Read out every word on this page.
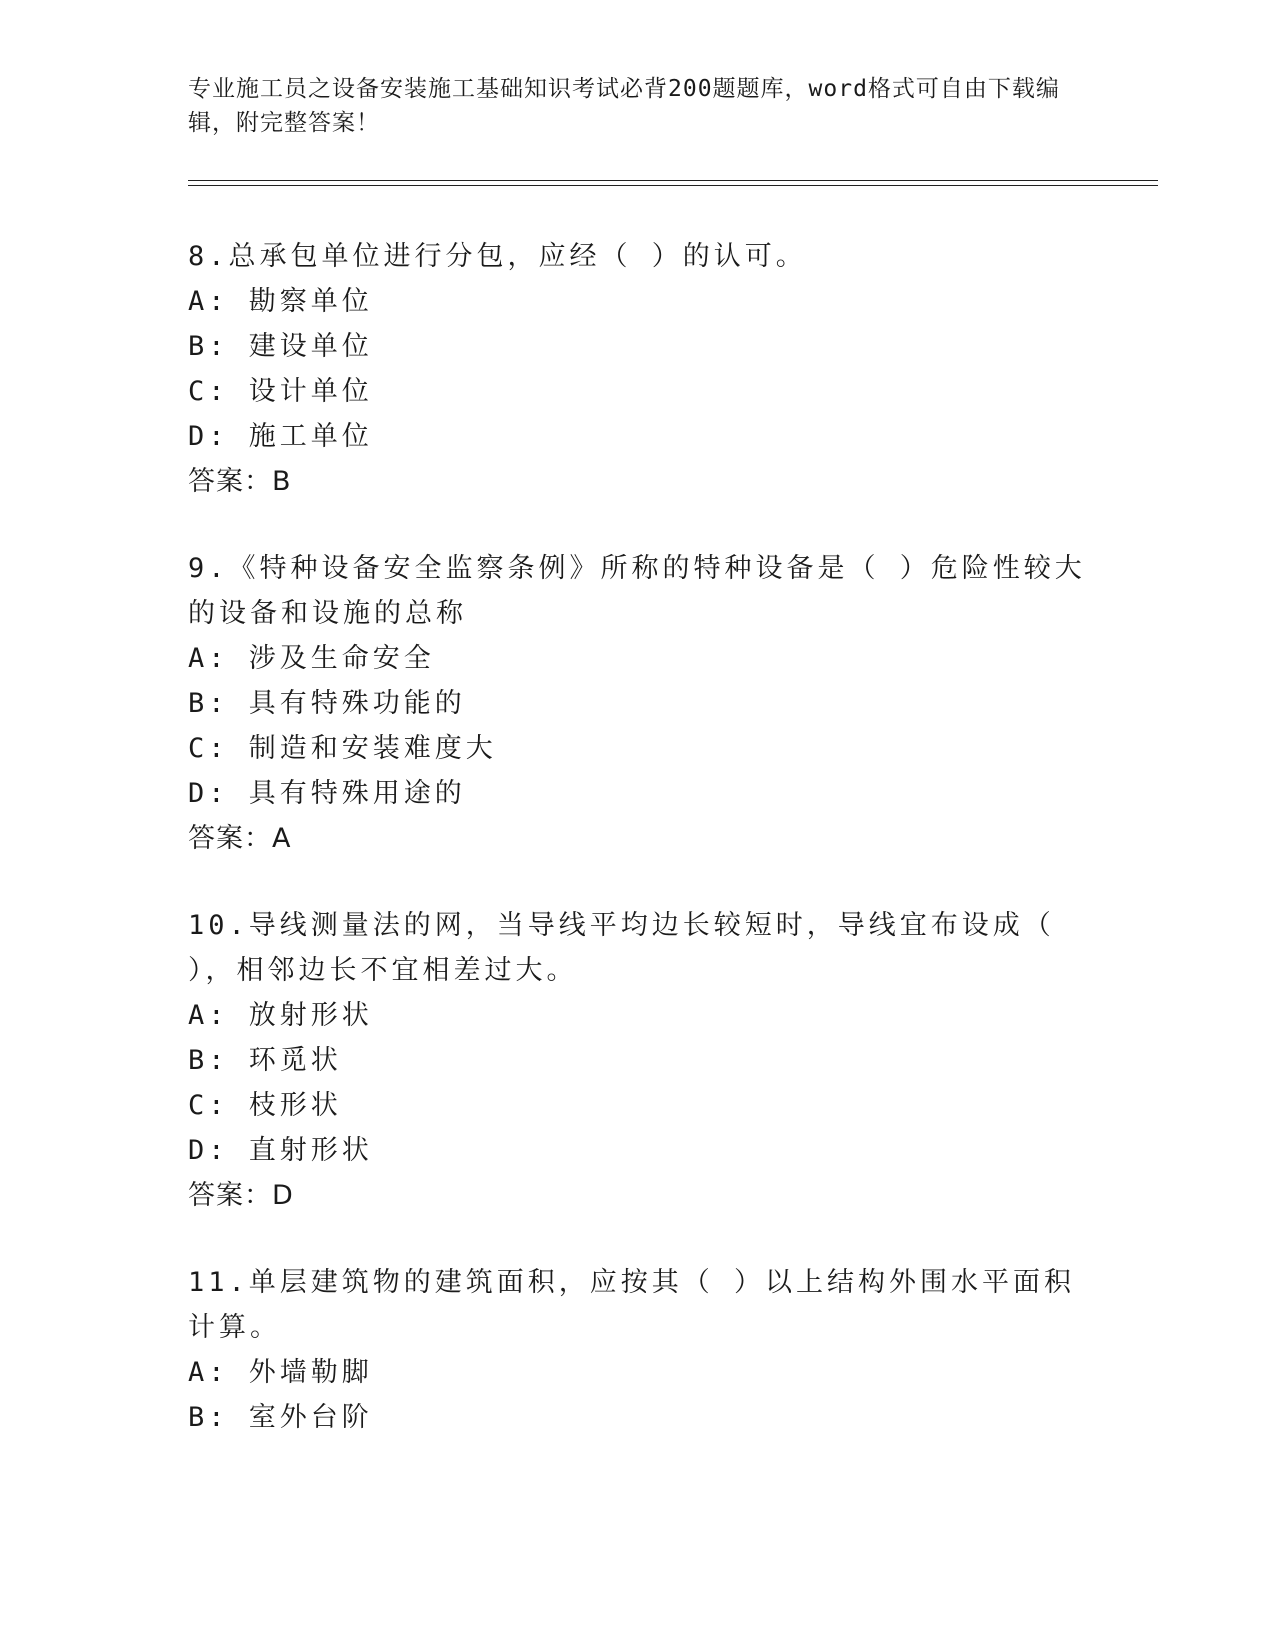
专业施工员之设备安装施工基础知识考试必背200题题库，word格式可自由下载编辑，附完整答案！
8.总承包单位进行分包，应经（ ）的认可。
A: 勘察单位
B: 建设单位
C: 设计单位
D: 施工单位
答案：B
9.《特种设备安全监察条例》所称的特种设备是（ ）危险性较大的设备和设施的总称
A: 涉及生命安全
B: 具有特殊功能的
C: 制造和安装难度大
D: 具有特殊用途的
答案：A
10.导线测量法的网，当导线平均边长较短时，导线宜布设成（ ），相邻边长不宜相差过大。
A: 放射形状
B: 环觅状
C: 枝形状
D: 直射形状
答案：D
11.单层建筑物的建筑面积，应按其（ ）以上结构外围水平面积计算。
A: 外墙勒脚
B: 室外台阶
